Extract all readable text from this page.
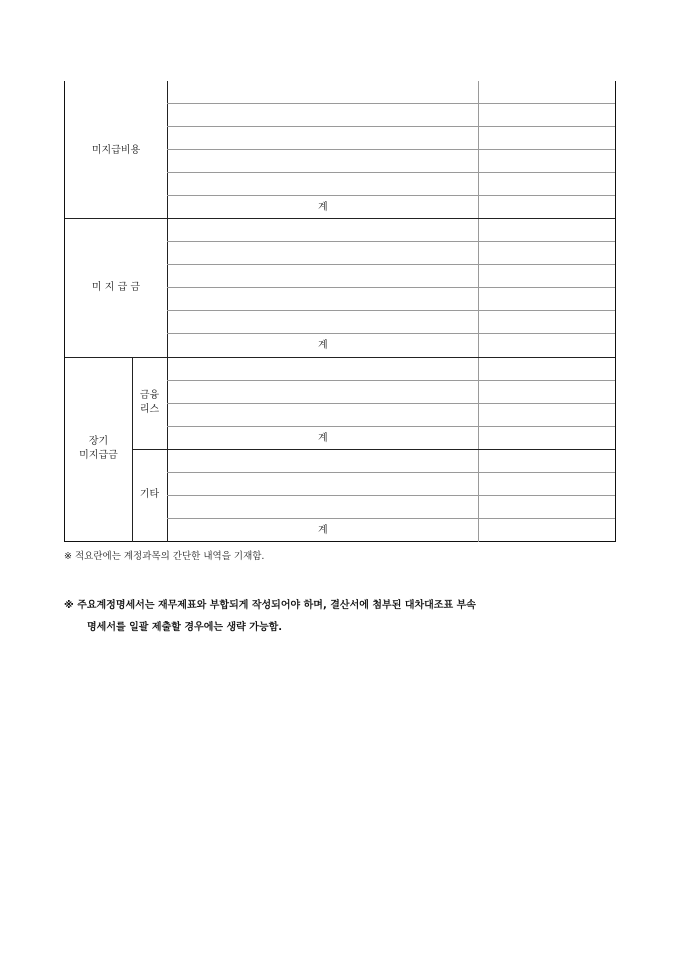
미지급비용
계
미 지 급 금
계
장기
미지급금
금융
리스
계
기타
계
※ 적요란에는 계정과목의 간단한 내역을 기재함.
※ 주요계정명세서는 재무제표와 부합되게 작성되어야 하며, 결산서에 첨부된 대차대조표 부속
명세서를 일괄 제출할 경우에는 생략 가능함.
